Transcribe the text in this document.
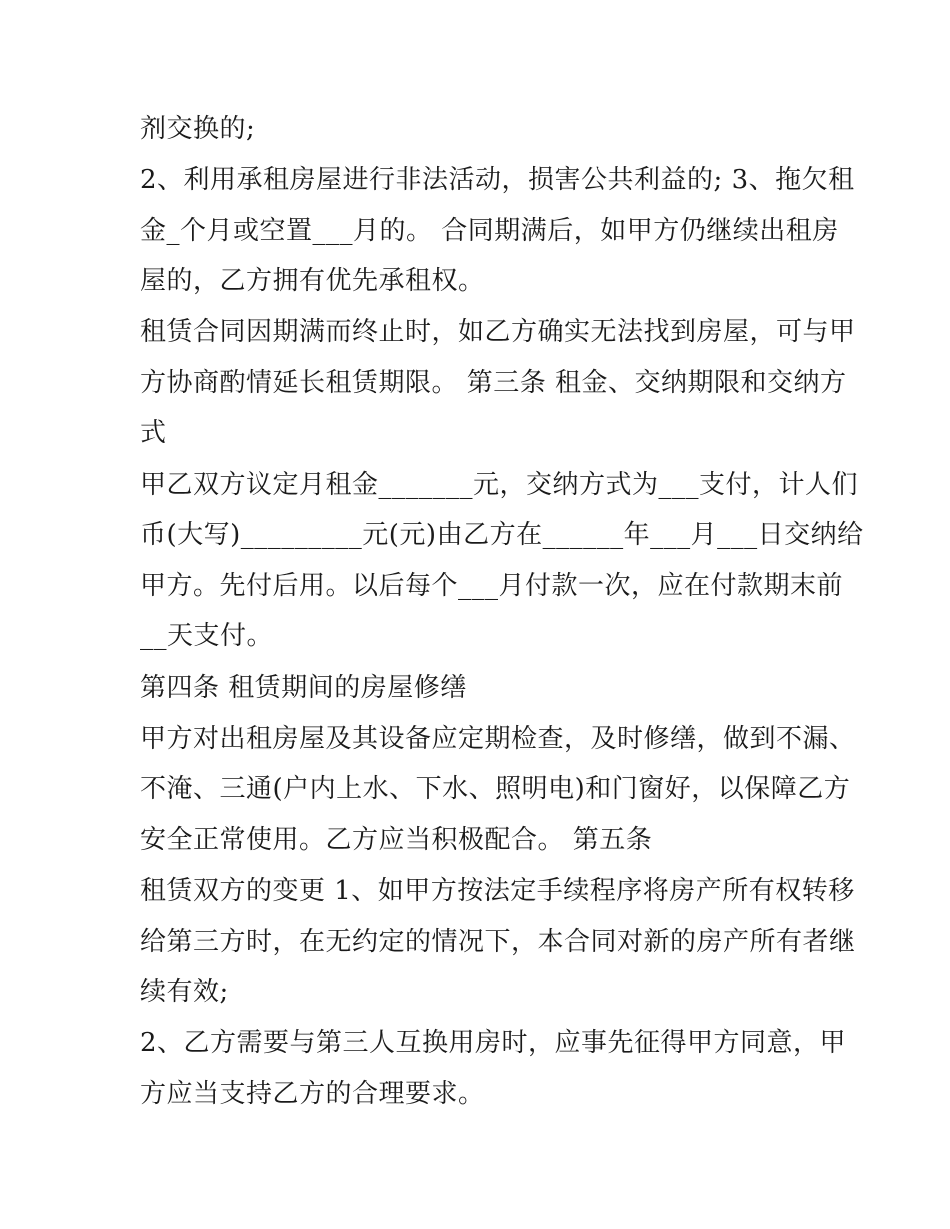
剂交换的;
2、利用承租房屋进行非法活动，损害公共利益的; 3、拖欠租
金_个月或空置___月的。 合同期满后，如甲方仍继续出租房
屋的，乙方拥有优先承租权。
租赁合同因期满而终止时，如乙方确实无法找到房屋，可与甲
方协商酌情延长租赁期限。 第三条 租金、交纳期限和交纳方
式
甲乙双方议定月租金_______元，交纳方式为___支付，计人们
币(大写)_________元(元)由乙方在______年___月___日交纳给
甲方。先付后用。以后每个___月付款一次，应在付款期末前
__天支付。
第四条 租赁期间的房屋修缮
甲方对出租房屋及其设备应定期检查，及时修缮，做到不漏、
不淹、三通(户内上水、下水、照明电)和门窗好，以保障乙方
安全正常使用。乙方应当积极配合。 第五条
租赁双方的变更 1、如甲方按法定手续程序将房产所有权转移
给第三方时，在无约定的情况下，本合同对新的房产所有者继
续有效;
2、乙方需要与第三人互换用房时，应事先征得甲方同意，甲
方应当支持乙方的合理要求。
